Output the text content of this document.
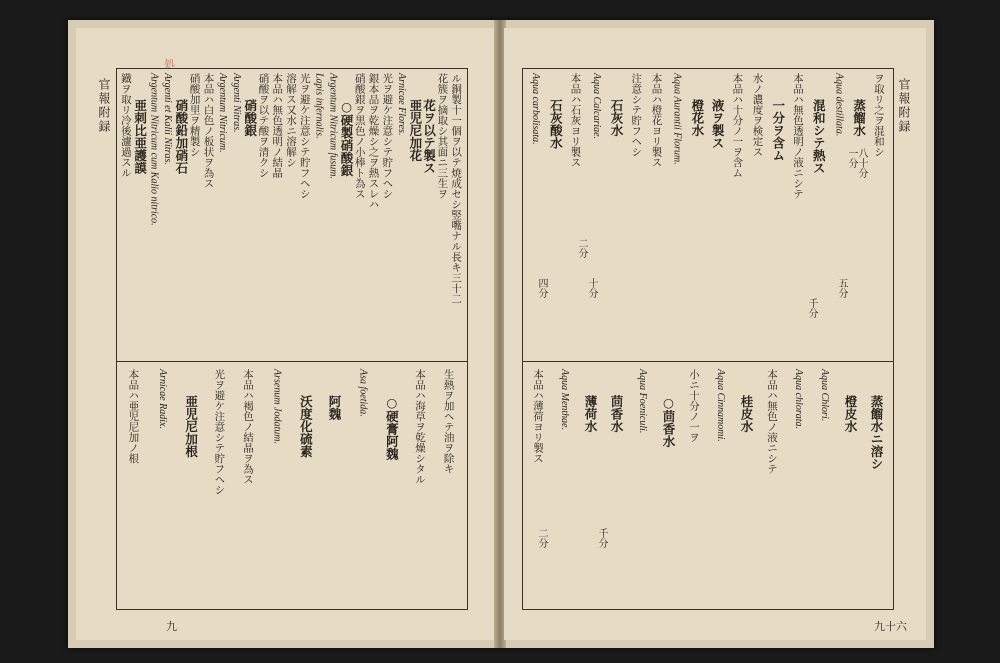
処
ル銅製十一個ヲ以テ焼成セシ竪嘴ナル長キ三十二
花簇ヲ摘取シ其面ニ三生ヲ
花ヲ以テ製ス
亜児尼加花
Arnicae Flores.
光ヲ避ケ注意シテ貯フヘシ
銀本品ヲ乾燥シ之ヲ熱スレハ
硝酸銀ヲ黒色ノ小棒ト為ス
○硬製硝酸銀
Argentum Nitricum fusum.
Lapis infernalis.
光ヲ避ケ注意シテ貯フヘシ
溶解ス又水ニ溶解シ
本品ハ無色透明ノ結晶
硝酸ヲ以テ酸ヲ清クシ
硝酸銀
Argenti Nitras.
Argentum Nitricum.
本品ハ白色ノ板状ヲ為ス
硝酸加里ヲ精製シ
硝酸鉛加硝石
Argenti et Kalii Nitras.
Argentum Nitricum cum Kalio nitrico.
亜刺比亜護謨
鐡ヲ取リ冷後濾過スル
生熱ヲ加ヘテ油ヲ除キ
本品ハ海草ヲ乾燥シタル
○硬膏阿魏
Asa foetida.
阿魏
沃度化硫素
Arsenum Jodatum.
本品ハ褐色ノ結晶ヲ為ス
光ヲ避ケ注意シテ貯フヘシ
亜児尼加根
Arnicae Radix.
本品ハ亜児尼加ノ根
官報附録
九
ヲ取リ之ヲ混和シ
蒸餾水
Aqua destillata.
混和シテ熱ス
本品ハ無色透明ノ液ニシテ
一分ヲ含ム
水ノ濃度ヲ検定ス
本品ハ十分ノ一ヲ含ム
液ヲ製ス
橙花水
Aqua Aurantii Florum.
本品ハ橙花ヨリ製ス
注意シテ貯フヘシ
石灰水
Aqua Calcariae.
本品ハ石灰ヨリ製ス
石灰酸水
Aqua carbolisata.
蒸餾水ニ溶シ
橙皮水
Aqua Chlori.
Aqua chlorata.
本品ハ無色ノ液ニシテ
桂皮水
Aqua Cinnamomi.
小ニ十分ノ一ヲ
○茴香水
Aqua Foeniculi.
茴香水
薄荷水
Aqua Menthae.
本品ハ薄荷ヨリ製ス
官報附録
九十六
千分
一分
五分
八十分
四分	十分
二分
千分
二分
